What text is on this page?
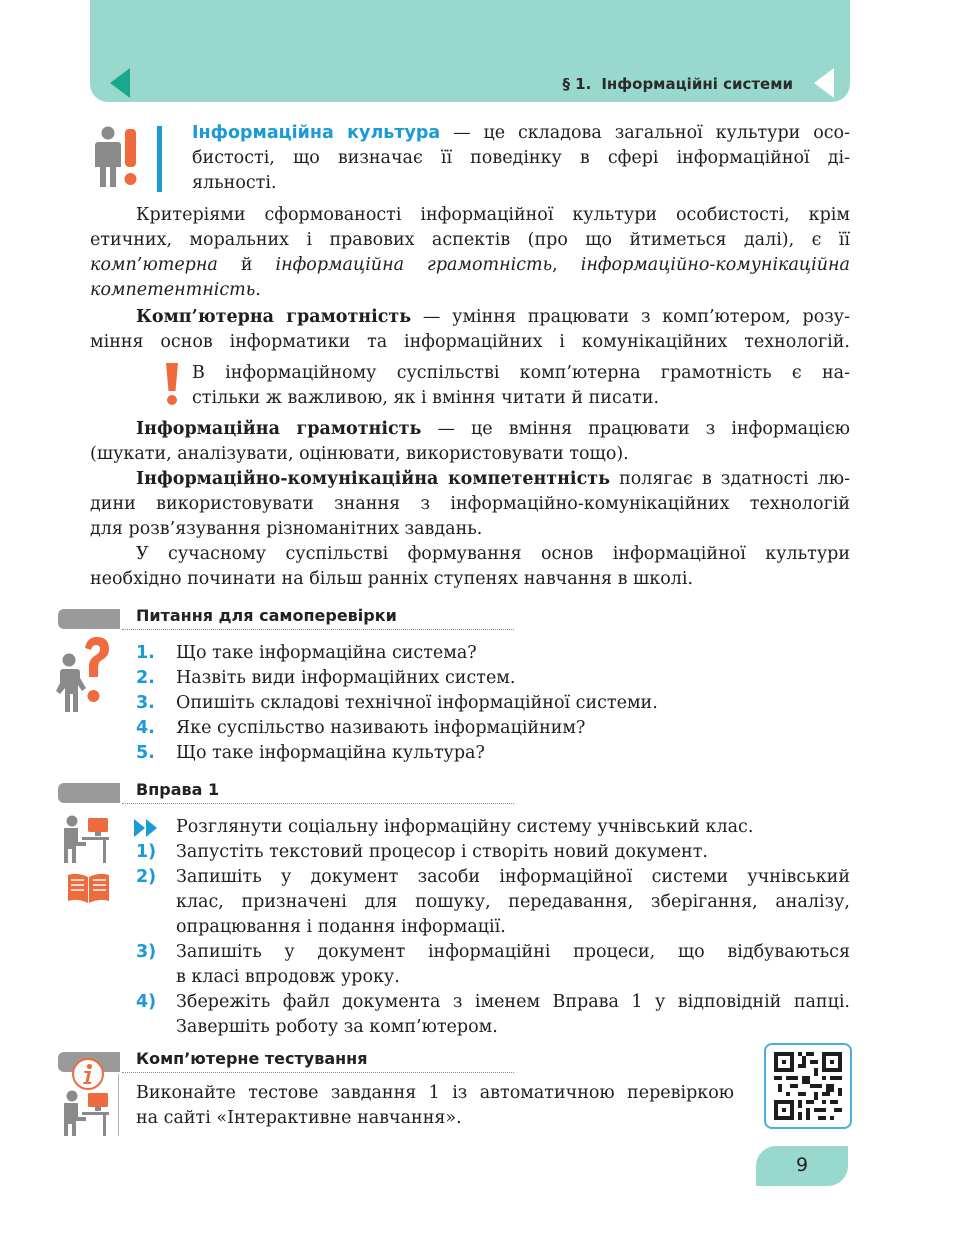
§ 1. Інформаційні системи
Інформаційна культура — це складова загальної культури осо-
бистості, що визначає її поведінку в сфері інформаційної ді-
яльності.
Критеріями сформованості інформаційної культури особистості, крім
етичних, моральних і правових аспектів (про що йтиметься далі), є її
комп’ютерна й інформаційна грамотність, інформаційно-комунікаційна
компетентність.
Комп’ютерна грамотність — уміння працювати з комп’ютером, розу-
міння основ інформатики та інформаційних і комунікаційних технологій.
В інформаційному суспільстві комп’ютерна грамотність є на-
стільки ж важливою, як і вміння читати й писати.
Інформаційна грамотність — це вміння працювати з інформацією
(шукати, аналізувати, оцінювати, використовувати тощо).
Інформаційно-комунікаційна компетентність полягає в здатності лю-
дини використовувати знання з інформаційно-комунікаційних технологій
для розв’язування різноманітних завдань.
У сучасному суспільстві формування основ інформаційної культури
необхідно починати на більш ранніх ступенях навчання в школі.
Питання для самоперевірки
1.	Що таке інформаційна система?
2.	Назвіть види інформаційних систем.
3.	Опишіть складові технічної інформаційної системи.
4.	Яке суспільство називають інформаційним?
5.	Що таке інформаційна культура?
Вправа 1
Розглянути соціальну інформаційну систему учнівський клас.
1)	Запустіть текстовий процесор і створіть новий документ.
2)	Запишіть у документ засоби інформаційної системи учнівський
клас, призначені для пошуку, передавання, зберігання, аналізу,
опрацювання і подання інформації.
3)	Запишіть у документ інформаційні процеси, що відбуваються
в класі впродовж уроку.
4)	Збережіть файл документа з іменем Вправа 1 у відповідній папці.
Завершіть роботу за комп’ютером.
Комп’ютерне тестування
Виконайте тестове завдання 1 із автоматичною перевіркою
на сайті «Інтерактивне навчання».
9
